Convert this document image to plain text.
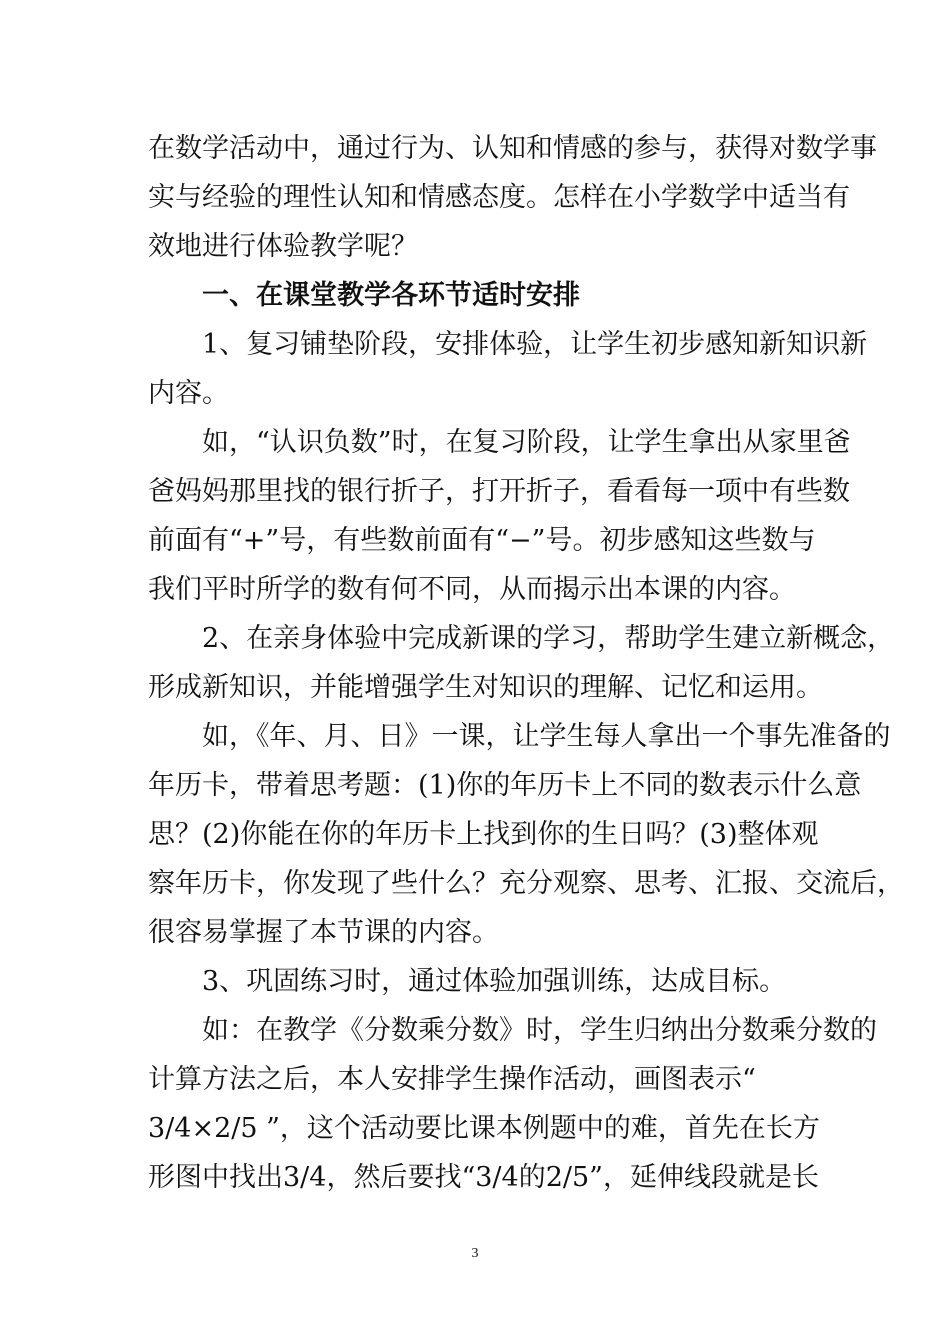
在数学活动中，通过行为、认知和情感的参与，获得对数学事
实与经验的理性认知和情感态度。怎样在小学数学中适当有
效地进行体验教学呢？
一、在课堂教学各环节适时安排
1、复习铺垫阶段，安排体验，让学生初步感知新知识新
内容。
如，“认识负数”时，在复习阶段，让学生拿出从家里爸
爸妈妈那里找的银行折子，打开折子，看看每一项中有些数
前面有“+”号，有些数前面有“−”号。初步感知这些数与
我们平时所学的数有何不同，从而揭示出本课的内容。
2、在亲身体验中完成新课的学习，帮助学生建立新概念，
形成新知识，并能增强学生对知识的理解、记忆和运用。
如，《年、月、日》一课，让学生每人拿出一个事先准备的
年历卡，带着思考题：(1)你的年历卡上不同的数表示什么意
思？(2)你能在你的年历卡上找到你的生日吗？(3)整体观
察年历卡，你发现了些什么？充分观察、思考、汇报、交流后，
很容易掌握了本节课的内容。
3、巩固练习时，通过体验加强训练，达成目标。
如：在教学《分数乘分数》时，学生归纳出分数乘分数的
计算方法之后，本人安排学生操作活动，画图表示“
3/4×2/5 ”，这个活动要比课本例题中的难，首先在长方
形图中找出3/4，然后要找“3/4的2/5”，延伸线段就是长
3
